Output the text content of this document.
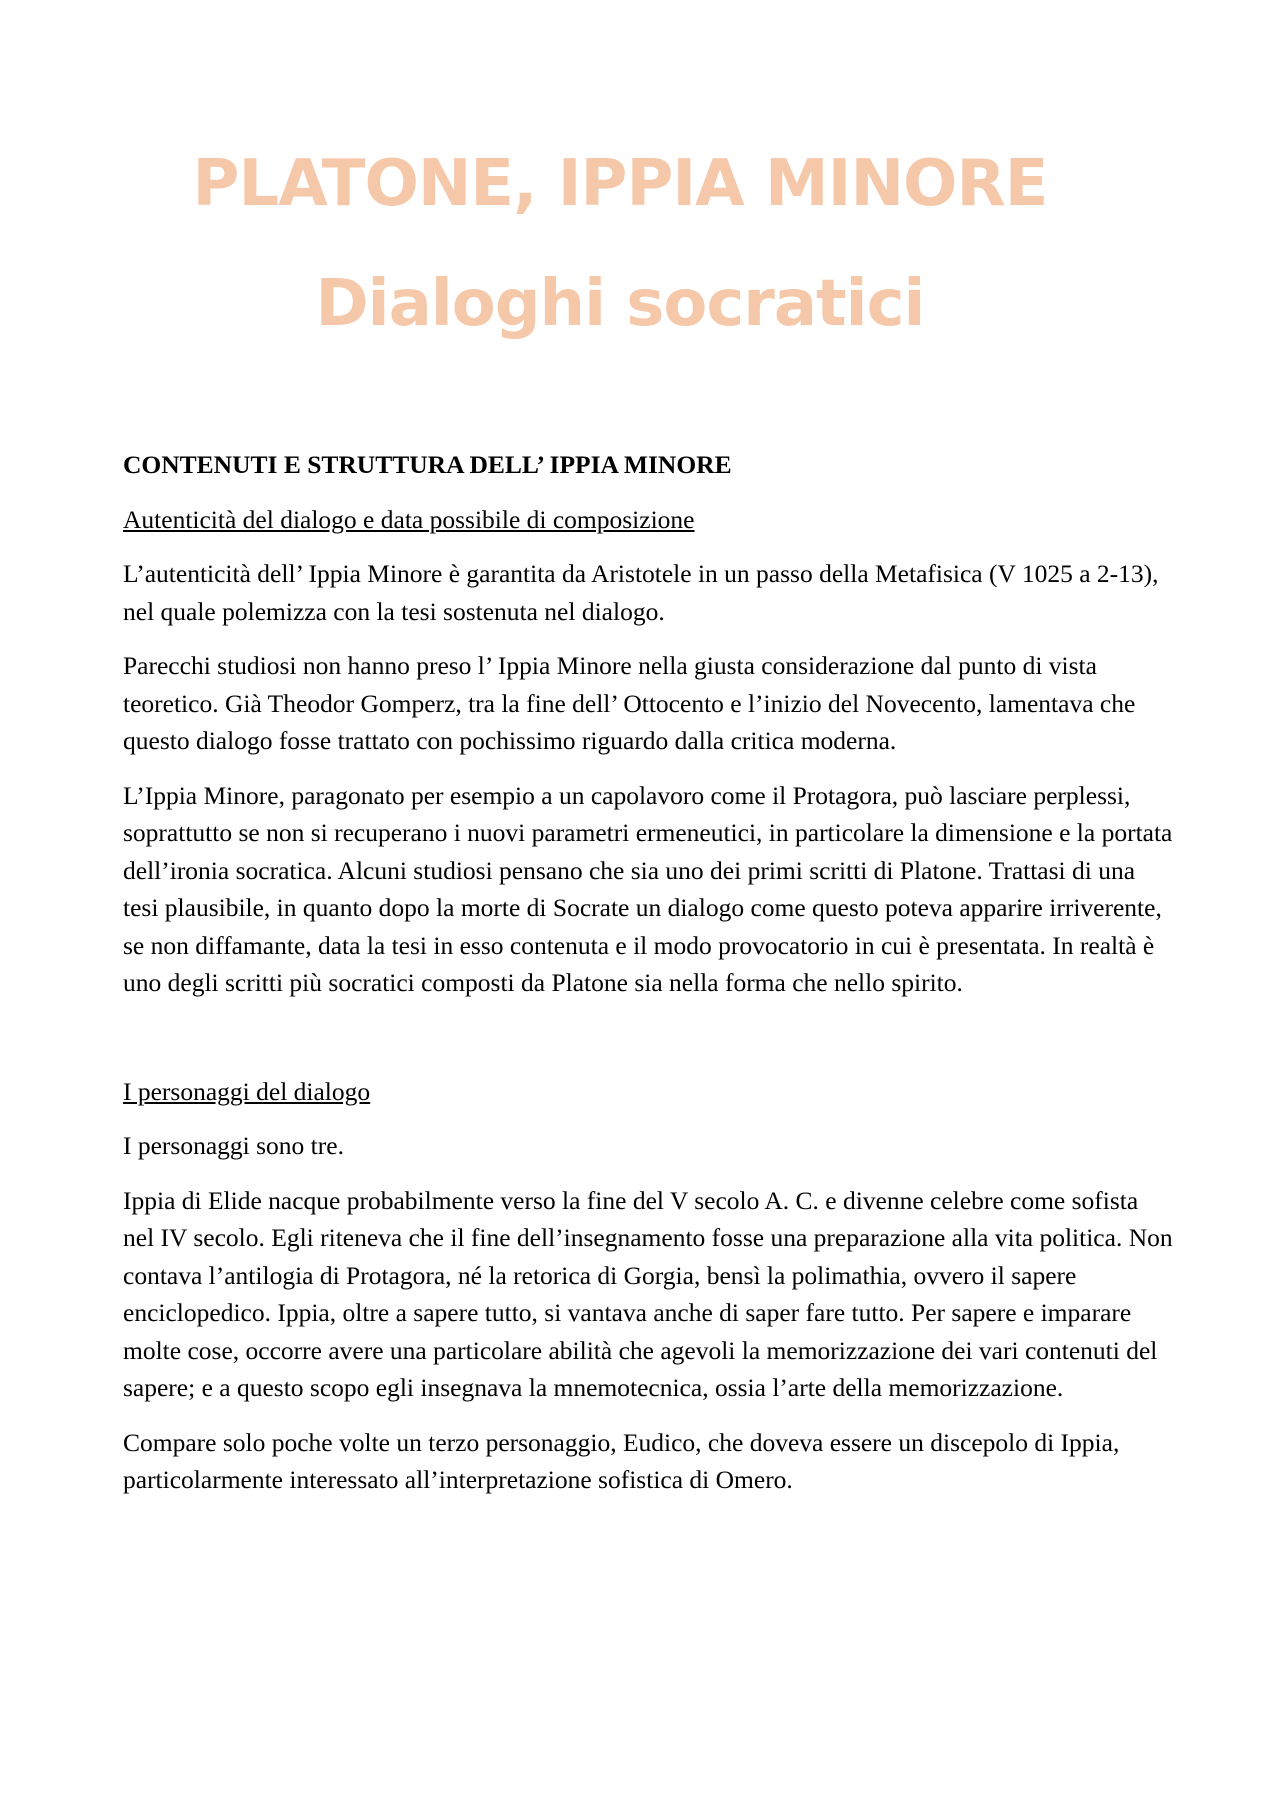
PLATONE, IPPIA MINORE
Dialoghi socratici

CONTENUTI E STRUTTURA DELL’ IPPIA MINORE

Autenticità del dialogo e data possibile di composizione

L’autenticità dell’ Ippia Minore è garantita da Aristotele in un passo della Metafisica (V 1025 a 2-13), nel quale polemizza con la tesi sostenuta nel dialogo.

Parecchi studiosi non hanno preso l’ Ippia Minore nella giusta considerazione dal punto di vista teoretico. Già Theodor Gomperz, tra la fine dell’ Ottocento e l’inizio del Novecento, lamentava che questo dialogo fosse trattato con pochissimo riguardo dalla critica moderna.

L’Ippia Minore, paragonato per esempio a un capolavoro come il Protagora, può lasciare perplessi, soprattutto se non si recuperano i nuovi parametri ermeneutici, in particolare la dimensione e la portata dell’ironia socratica. Alcuni studiosi pensano che sia uno dei primi scritti di Platone. Trattasi di una tesi plausibile, in quanto dopo la morte di Socrate un dialogo come questo poteva apparire irriverente, se non diffamante, data la tesi in esso contenuta e il modo provocatorio in cui è presentata. In realtà è uno degli scritti più socratici composti da Platone sia nella forma che nello spirito.

I personaggi del dialogo

I personaggi sono tre.

Ippia di Elide nacque probabilmente verso la fine del V secolo A. C. e divenne celebre come sofista nel IV secolo. Egli riteneva che il fine dell’insegnamento fosse una preparazione alla vita politica. Non contava l’antilogia di Protagora, né la retorica di Gorgia, bensì la polimathia, ovvero il sapere enciclopedico. Ippia, oltre a sapere tutto, si vantava anche di saper fare tutto. Per sapere e imparare molte cose, occorre avere una particolare abilità che agevoli la memorizzazione dei vari contenuti del sapere; e a questo scopo egli insegnava la mnemotecnica, ossia l’arte della memorizzazione.

Compare solo poche volte un terzo personaggio, Eudico, che doveva essere un discepolo di Ippia, particolarmente interessato all’interpretazione sofistica di Omero.
